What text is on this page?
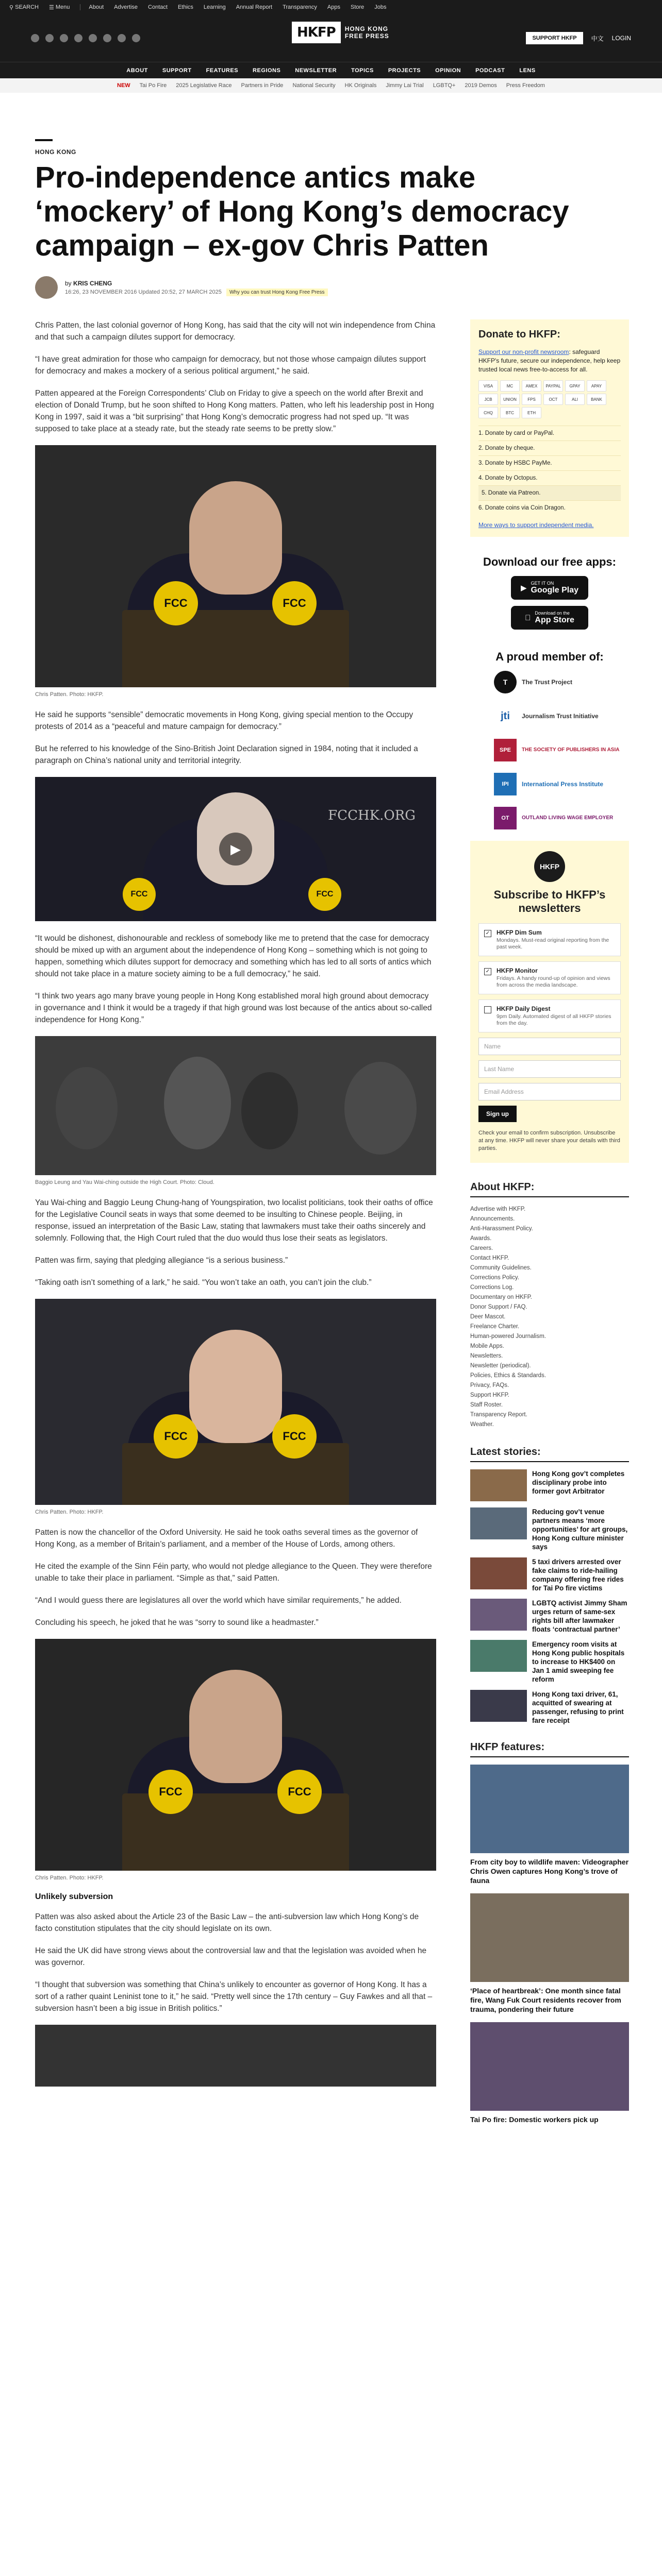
⚲ SEARCH ☰ Menu	About Advertise Contact Ethics Learning Annual Report Transparency Apps Store Jobs
HKFP	HONG KONG
FREE PRESS	SUPPORT HKFP	中文 LOGIN
ABOUT	SUPPORT	FEATURES	REGIONS	NEWSLETTER	TOPICS	PROJECTS	OPINION	PODCAST	LENS
NEW Tai Po Fire 2025 Legislative Race Partners in Pride National Security HK Originals Jimmy Lai Trial LGBTQ+ 2019 Demos Press Freedom
HONG KONG
Pro-independence antics make ‘mockery’ of Hong Kong’s democracy campaign – ex-gov Chris Patten
by KRIS CHENG
16:26, 23 NOVEMBER 2016 Updated 20:52, 27 MARCH 2025 Why you can trust Hong Kong Free Press

Chris Patten, the last colonial governor of Hong Kong, has said that the city will not win independence from China and that such a campaign dilutes support for democracy.

“I have great admiration for those who campaign for democracy, but not those whose campaign dilutes support for democracy and makes a mockery of a serious political argument,” he said.

Patten appeared at the Foreign Correspondents’ Club on Friday to give a speech on the world after Brexit and election of Donald Trump, but he soon shifted to Hong Kong matters. Patten, who left his leadership post in Hong Kong in 1997, said it was a “bit surprising” that Hong Kong’s democratic progress had not sped up. “It was supposed to take place at a steady rate, but the steady rate seems to be pretty slow.”

FCC	FCC
Chris Patten. Photo: HKFP.

He said he supports “sensible” democratic movements in Hong Kong, giving special mention to the Occupy protests of 2014 as a “peaceful and mature campaign for democracy.”

But he referred to his knowledge of the Sino-British Joint Declaration signed in 1984, noting that it included a paragraph on China’s national unity and territorial integrity.

FCCHK.ORG
FCC	FCC
▶

“It would be dishonest, dishonourable and reckless of somebody like me to pretend that the case for democracy should be mixed up with an argument about the independence of Hong Kong – something which is not going to happen, something which dilutes support for democracy and something which has led to all sorts of antics which should not take place in a mature society aiming to be a full democracy,” he said.

“I think two years ago many brave young people in Hong Kong established moral high ground about democracy in governance and I think it would be a tragedy if that high ground was lost because of the antics about so-called independence for Hong Kong.”

Baggio Leung and Yau Wai-ching outside the High Court. Photo: Cloud.

Yau Wai-ching and Baggio Leung Chung-hang of Youngspiration, two localist politicians, took their oaths of office for the Legislative Council seats in ways that some deemed to be insulting to Chinese people. Beijing, in response, issued an interpretation of the Basic Law, stating that lawmakers must take their oaths sincerely and solemnly. Following that, the High Court ruled that the duo would thus lose their seats as legislators.

Patten was firm, saying that pledging allegiance “is a serious business.”

“Taking oath isn’t something of a lark,” he said. “You won’t take an oath, you can’t join the club.”

FCC	FCC
Chris Patten. Photo: HKFP.

Patten is now the chancellor of the Oxford University. He said he took oaths several times as the governor of Hong Kong, as a member of Britain’s parliament, and a member of the House of Lords, among others.

He cited the example of the Sinn Féin party, who would not pledge allegiance to the Queen. They were therefore unable to take their place in parliament. “Simple as that,” said Patten.

“And I would guess there are legislatures all over the world which have similar requirements,” he added.

Concluding his speech, he joked that he was “sorry to sound like a headmaster.”

FCC	FCC
Chris Patten. Photo: HKFP.
Unlikely subversion

Patten was also asked about the Article 23 of the Basic Law – the anti-subversion law which Hong Kong’s de facto constitution stipulates that the city should legislate on its own.

He said the UK did have strong views about the controversial law and that the legislation was avoided when he was governor.

“I thought that subversion was something that China’s unlikely to encounter as governor of Hong Kong. It has a sort of a rather quaint Leninist tone to it,” he said. “Pretty well since the 17th century – Guy Fawkes and all that – subversion hasn’t been a big issue in British politics.”

Donate to HKFP:
Support our non-profit newsroom: safeguard HKFP's future, secure our independence, help keep trusted local news free-to-access for all.
VISA	MC	AMEX	PAYPAL	GPAY	APAY
JCB	UNION	FPS	OCT	ALI	BANK
CHQ	BTC	ETH
1. Donate by card or PayPal.
2. Donate by cheque.
3. Donate by HSBC PayMe.
4. Donate by Octopus.
5. Donate via Patreon.
6. Donate coins via Coin Dragon.
More ways to support independent media.
Download our free apps:
▶
GET IT ON
Google Play
Download on the
App Store
A proud member of:
T	The Trust Project
jti	Journalism Trust Initiative
SPE	THE SOCIETY OF PUBLISHERS IN ASIA
IPI	International Press Institute
OT	OUTLAND LIVING WAGE EMPLOYER
HKFP
Subscribe to HKFP’s newsletters
✓ HKFP Dim Sum
Mondays. Must-read original reporting from the past week.
✓ HKFP Monitor
Fridays. A handy round-up of opinion and views from across the media landscape.
HKFP Daily Digest
9pm Daily. Automated digest of all HKFP stories from the day.
Name
Last Name
Email Address
Sign up
Check your email to confirm subscription. Unsubscribe at any time. HKFP will never share your details with third parties.
About HKFP:
Advertise with HKFP.
Announcements.
Anti-Harassment Policy.
Awards.
Careers.
Contact HKFP.
Community Guidelines.
Corrections Policy.
Corrections Log.
Documentary on HKFP.
Donor Support / FAQ.
Deer Mascot.
Freelance Charter.
Human-powered Journalism.
Mobile Apps.
Newsletters.
Newsletter (periodical).
Policies, Ethics & Standards.
Privacy, FAQs.
Support HKFP.
Staff Roster.
Transparency Report.
Weather.
Latest stories:
Hong Kong gov’t completes disciplinary probe into former govt Arbitrator
Reducing gov’t venue partners means ‘more opportunities’ for art groups, Hong Kong culture minister says
5 taxi drivers arrested over fake claims to ride-hailing company offering free rides for Tai Po fire victims
LGBTQ activist Jimmy Sham urges return of same-sex rights bill after lawmaker floats ‘contractual partner’
Emergency room visits at Hong Kong public hospitals to increase to HK$400 on Jan 1 amid sweeping fee reform
Hong Kong taxi driver, 61, acquitted of swearing at passenger, refusing to print fare receipt
HKFP features:
From city boy to wildlife maven: Videographer Chris Owen captures Hong Kong’s trove of fauna
‘Place of heartbreak’: One month since fatal fire, Wang Fuk Court residents recover from trauma, pondering their future
Tai Po fire: Domestic workers pick up
